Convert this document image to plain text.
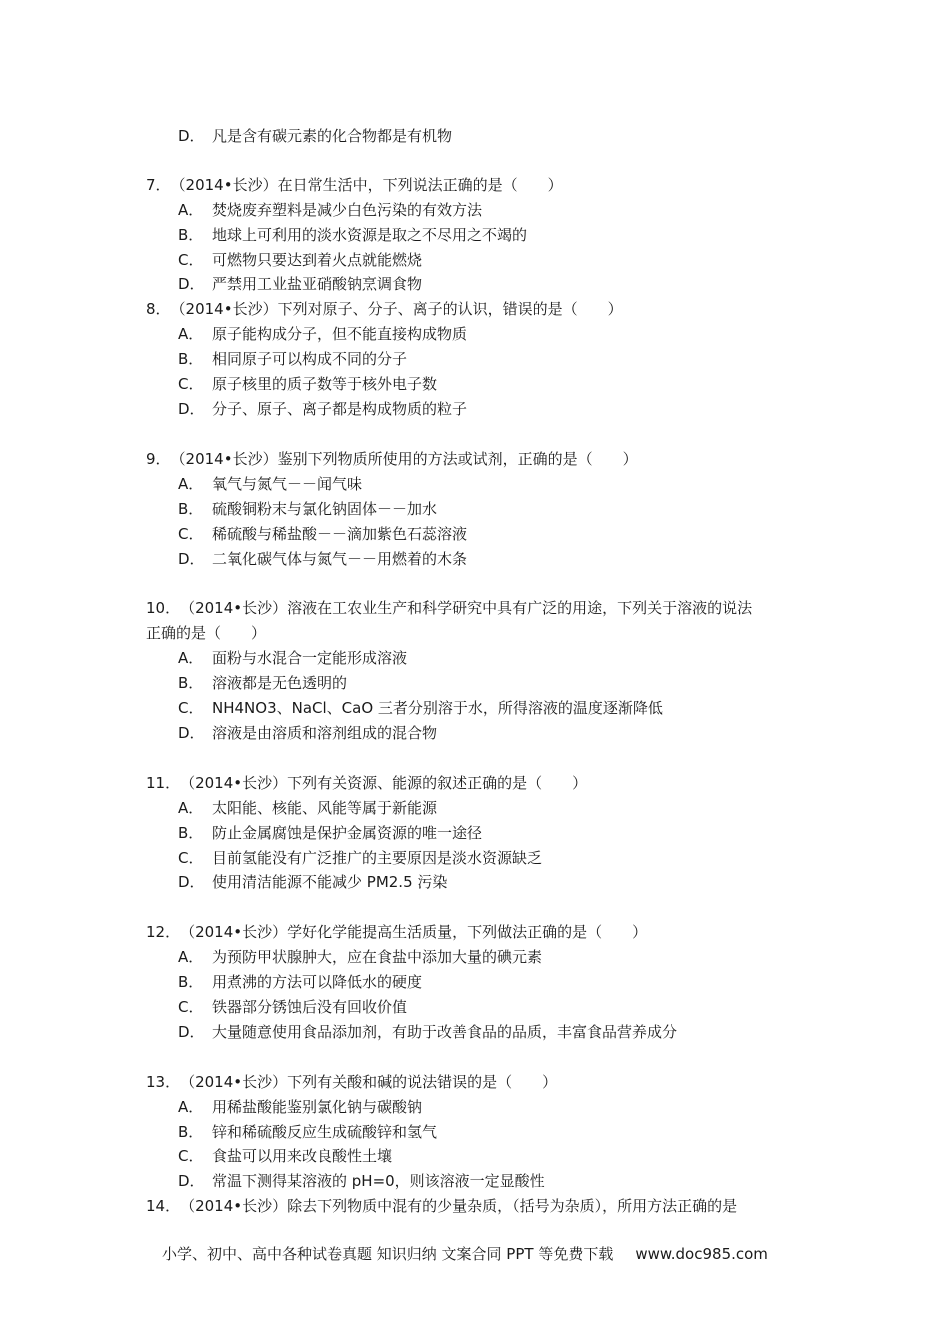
D． 凡是含有碳元素的化合物都是有机物
7．（2014•长沙）在日常生活中，下列说法正确的是（　　）
A． 焚烧废弃塑料是减少白色污染的有效方法
B． 地球上可利用的淡水资源是取之不尽用之不竭的
C． 可燃物只要达到着火点就能燃烧
D． 严禁用工业盐亚硝酸钠烹调食物
8．（2014•长沙）下列对原子、分子、离子的认识，错误的是（　　）
A． 原子能构成分子，但不能直接构成物质
B． 相同原子可以构成不同的分子
C． 原子核里的质子数等于核外电子数
D． 分子、原子、离子都是构成物质的粒子
9．（2014•长沙）鉴别下列物质所使用的方法或试剂，正确的是（　　）
A． 氧气与氮气－－闻气味
B． 硫酸铜粉末与氯化钠固体－－加水
C． 稀硫酸与稀盐酸－－滴加紫色石蕊溶液
D． 二氧化碳气体与氮气－－用燃着的木条
10．（2014•长沙）溶液在工农业生产和科学研究中具有广泛的用途，下列关于溶液的说法
正确的是（　　）
A． 面粉与水混合一定能形成溶液
B． 溶液都是无色透明的
C． NH4NO3、NaCl、CaO 三者分别溶于水，所得溶液的温度逐渐降低
D． 溶液是由溶质和溶剂组成的混合物
11．（2014•长沙）下列有关资源、能源的叙述正确的是（　　）
A． 太阳能、核能、风能等属于新能源
B． 防止金属腐蚀是保护金属资源的唯一途径
C． 目前氢能没有广泛推广的主要原因是淡水资源缺乏
D． 使用清洁能源不能减少 PM2.5 污染
12．（2014•长沙）学好化学能提高生活质量，下列做法正确的是（　　）
A． 为预防甲状腺肿大，应在食盐中添加大量的碘元素
B． 用煮沸的方法可以降低水的硬度
C． 铁器部分锈蚀后没有回收价值
D． 大量随意使用食品添加剂，有助于改善食品的品质，丰富食品营养成分
13．（2014•长沙）下列有关酸和碱的说法错误的是（　　）
A． 用稀盐酸能鉴别氯化钠与碳酸钠
B． 锌和稀硫酸反应生成硫酸锌和氢气
C． 食盐可以用来改良酸性土壤
D． 常温下测得某溶液的 pH=0，则该溶液一定显酸性
14．（2014•长沙）除去下列物质中混有的少量杂质，（括号为杂质），所用方法正确的是
小学、初中、高中各种试卷真题 知识归纳 文案合同 PPT 等免费下载 www.doc985.com
